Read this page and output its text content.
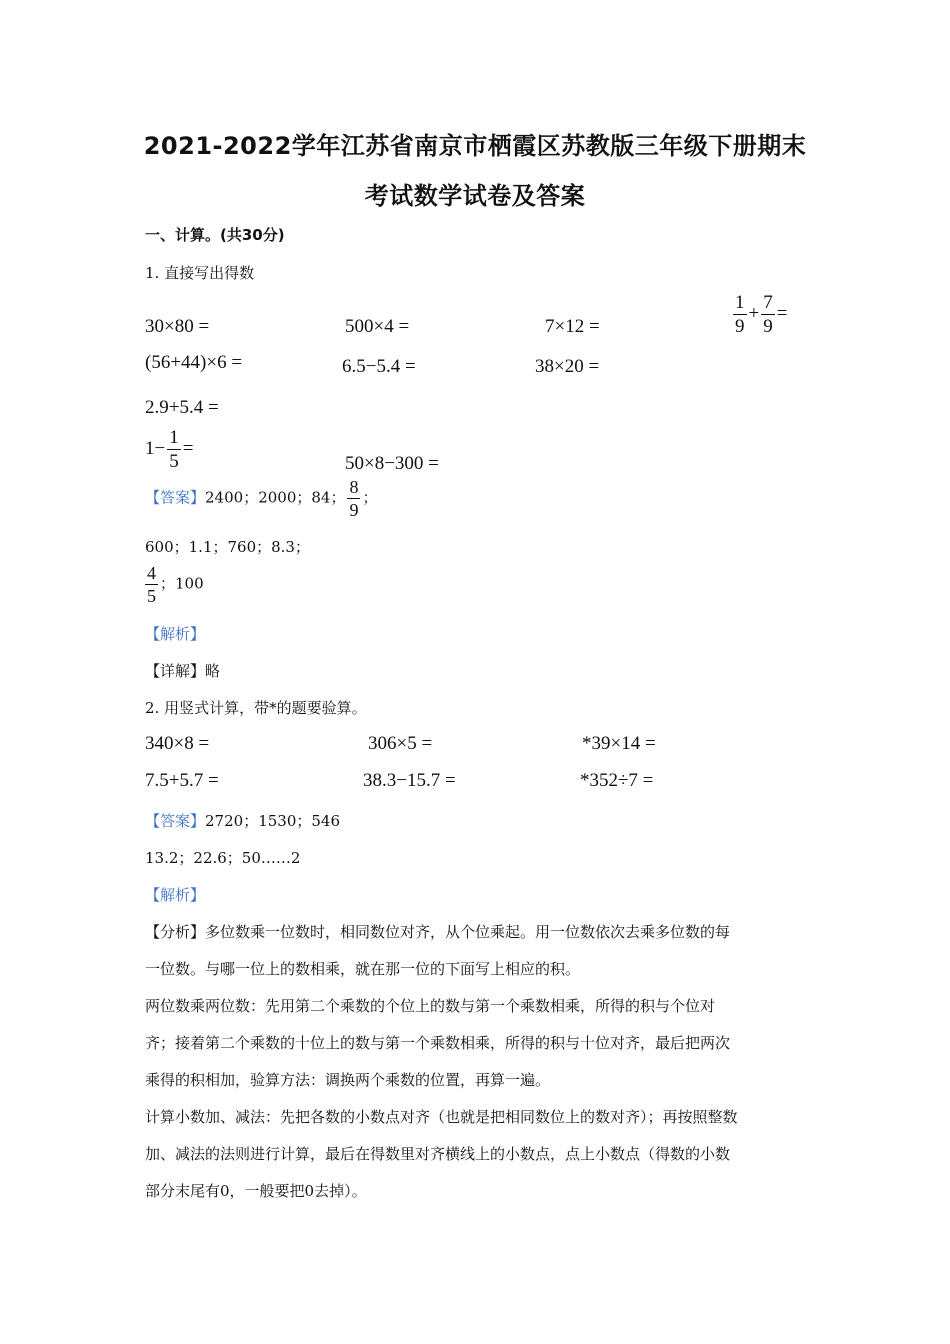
2021-2022学年江苏省南京市栖霞区苏教版三年级下册期末
考试数学试卷及答案
一、计算。(共30分)
1. 直接写出得数
30×80 =	500×4 =	7×12 =	$\frac{1}{9} + \frac{7}{9}$ =
(56+44)×6 =	6.5−5.4 =	38×20 =
2.9+5.4 =
$1- \frac{1}{5}$ =
50×8−300 =
【答案】2400；2000；84； $\frac{8}{9}$ ；
600；1.1；760；8.3；
$\frac{4}{5}$ ；100
【解析】
【详解】略
2. 用竖式计算，带*的题要验算。
340×8 =	306×5 =	*39×14 =
7.5+5.7 =	38.3−15.7 =	*352÷7 =
【答案】2720；1530；546
13.2；22.6；50……2
【解析】
【分析】多位数乘一位数时，相同数位对齐，从个位乘起。用一位数依次去乘多位数的每
一位数。与哪一位上的数相乘，就在那一位的下面写上相应的积。
两位数乘两位数：先用第二个乘数的个位上的数与第一个乘数相乘，所得的积与个位对
齐；接着第二个乘数的十位上的数与第一个乘数相乘，所得的积与十位对齐，最后把两次
乘得的积相加，验算方法：调换两个乘数的位置，再算一遍。
计算小数加、减法：先把各数的小数点对齐（也就是把相同数位上的数对齐）；再按照整数
加、减法的法则进行计算，最后在得数里对齐横线上的小数点，点上小数点（得数的小数
部分末尾有0，一般要把0去掉）。
